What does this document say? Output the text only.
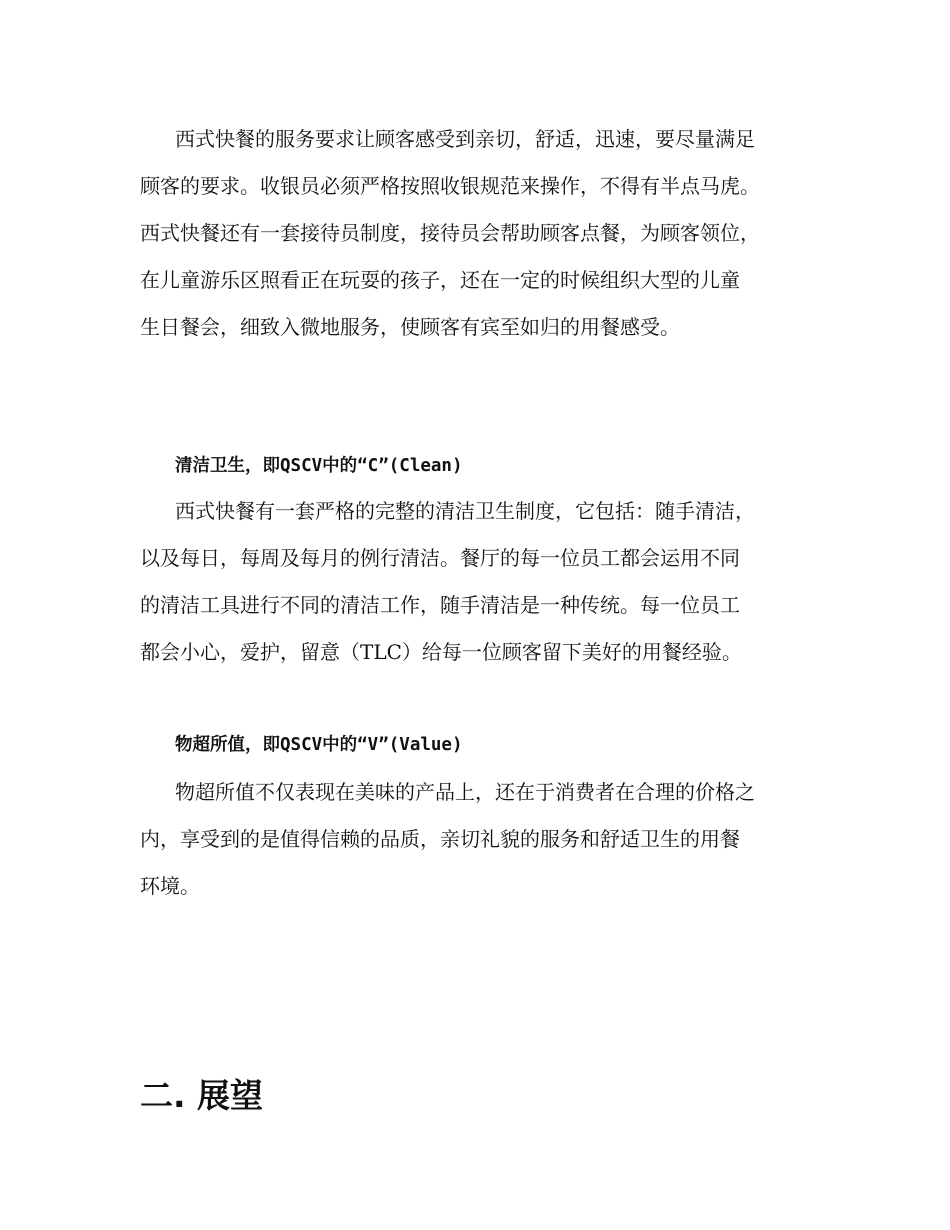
西式快餐的服务要求让顾客感受到亲切，舒适，迅速，要尽量满足

顾客的要求。收银员必须严格按照收银规范来操作，不得有半点马虎。

西式快餐还有一套接待员制度，接待员会帮助顾客点餐，为顾客领位，

在儿童游乐区照看正在玩耍的孩子，还在一定的时候组织大型的儿童

生日餐会，细致入微地服务，使顾客有宾至如归的用餐感受。

清洁卫生，即QSCV中的“C”(Clean)

西式快餐有一套严格的完整的清洁卫生制度，它包括：随手清洁，

以及每日，每周及每月的例行清洁。餐厅的每一位员工都会运用不同

的清洁工具进行不同的清洁工作，随手清洁是一种传统。每一位员工

都会小心，爱护，留意（TLC）给每一位顾客留下美好的用餐经验。

物超所值，即QSCV中的“V”(Value)

物超所值不仅表现在美味的产品上，还在于消费者在合理的价格之

内，享受到的是值得信赖的品质，亲切礼貌的服务和舒适卫生的用餐

环境。

二. 展望
